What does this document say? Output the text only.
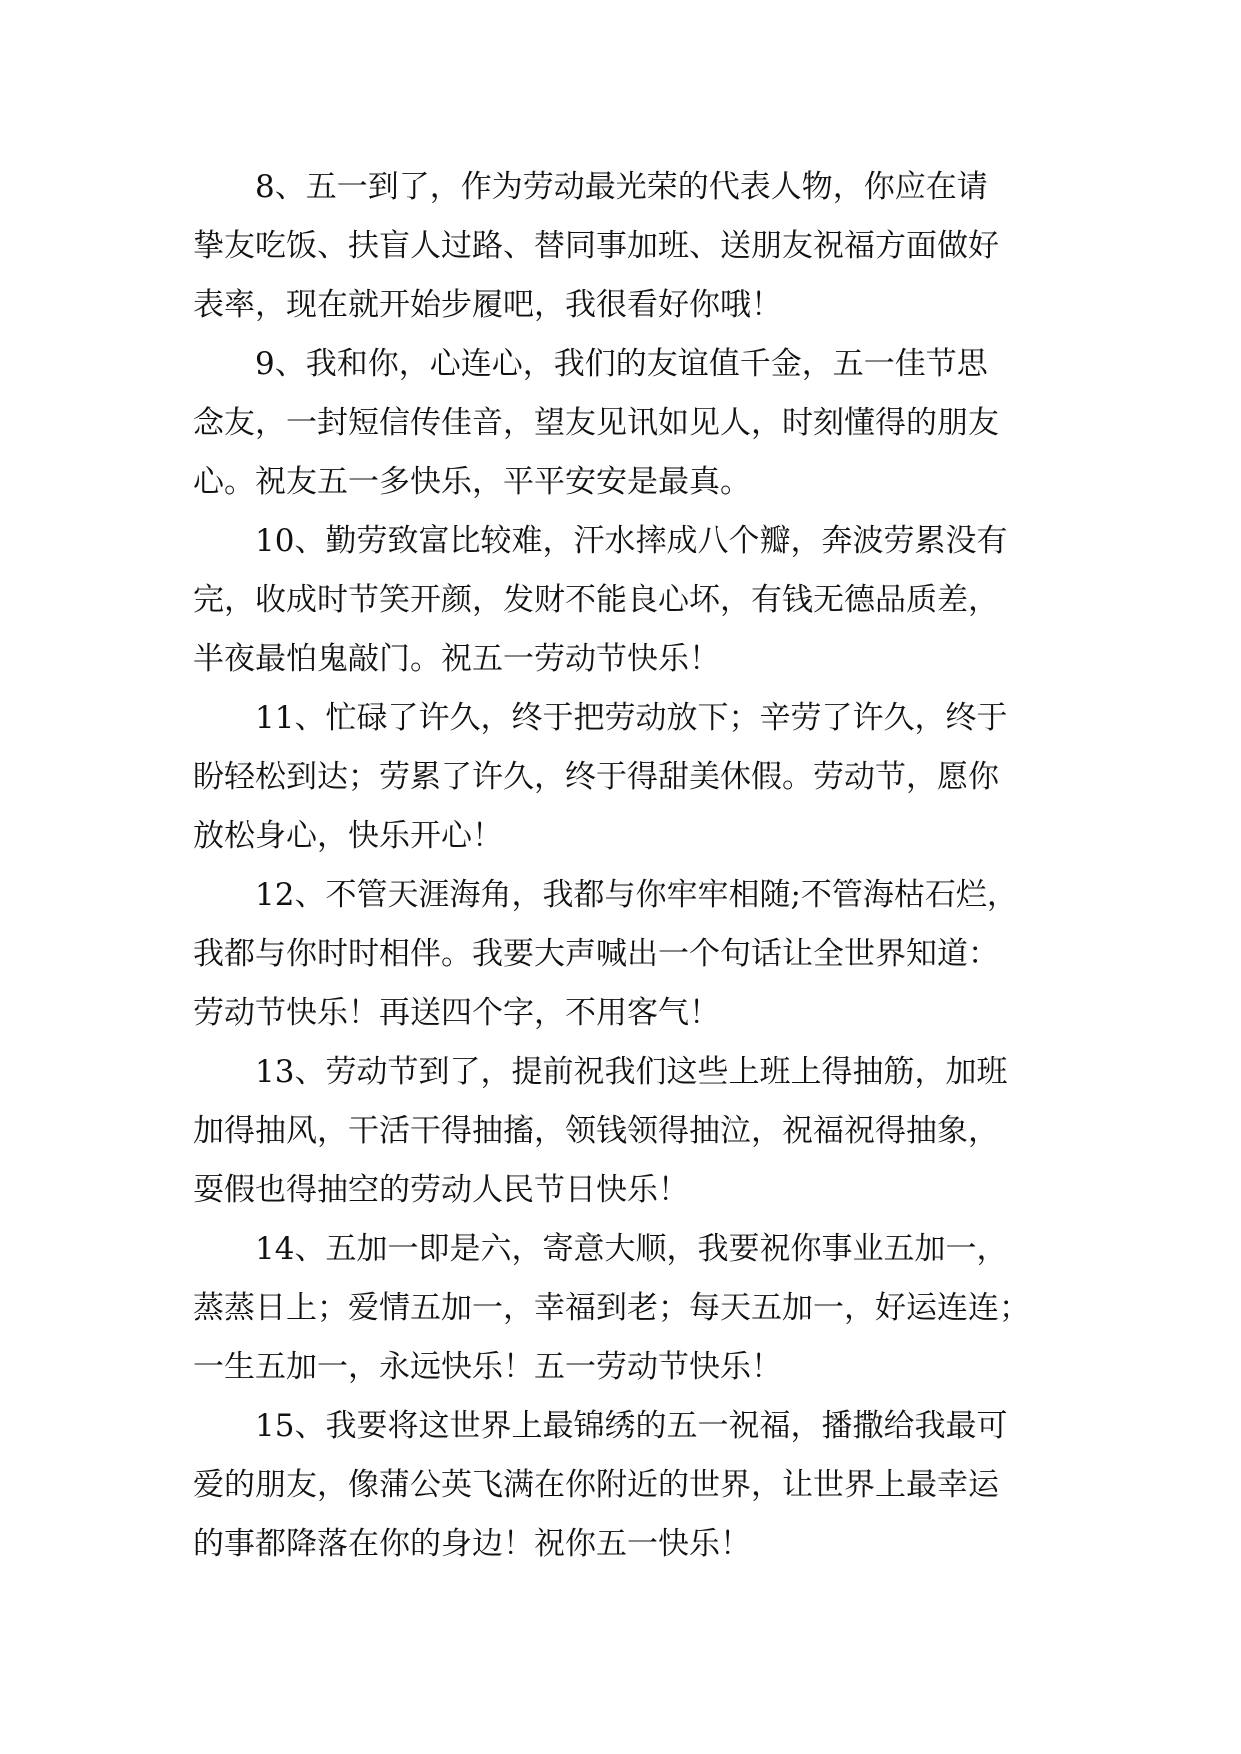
8、五一到了，作为劳动最光荣的代表人物，你应在请
挚友吃饭、扶盲人过路、替同事加班、送朋友祝福方面做好
表率，现在就开始步履吧，我很看好你哦！
9、我和你，心连心，我们的友谊值千金，五一佳节思
念友，一封短信传佳音，望友见讯如见人，时刻懂得的朋友
心。祝友五一多快乐，平平安安是最真。
10、勤劳致富比较难，汗水摔成八个瓣，奔波劳累没有
完，收成时节笑开颜，发财不能良心坏，有钱无德品质差，
半夜最怕鬼敲门。祝五一劳动节快乐！
11、忙碌了许久，终于把劳动放下；辛劳了许久，终于
盼轻松到达；劳累了许久，终于得甜美休假。劳动节，愿你
放松身心，快乐开心！
12、不管天涯海角，我都与你牢牢相随;不管海枯石烂，
我都与你时时相伴。我要大声喊出一个句话让全世界知道：
劳动节快乐！再送四个字，不用客气！
13、劳动节到了，提前祝我们这些上班上得抽筋，加班
加得抽风，干活干得抽搐，领钱领得抽泣，祝福祝得抽象，
耍假也得抽空的劳动人民节日快乐！
14、五加一即是六，寄意大顺，我要祝你事业五加一，
蒸蒸日上；爱情五加一，幸福到老；每天五加一，好运连连；
一生五加一，永远快乐！五一劳动节快乐！
15、我要将这世界上最锦绣的五一祝福，播撒给我最可
爱的朋友，像蒲公英飞满在你附近的世界，让世界上最幸运
的事都降落在你的身边！祝你五一快乐！
